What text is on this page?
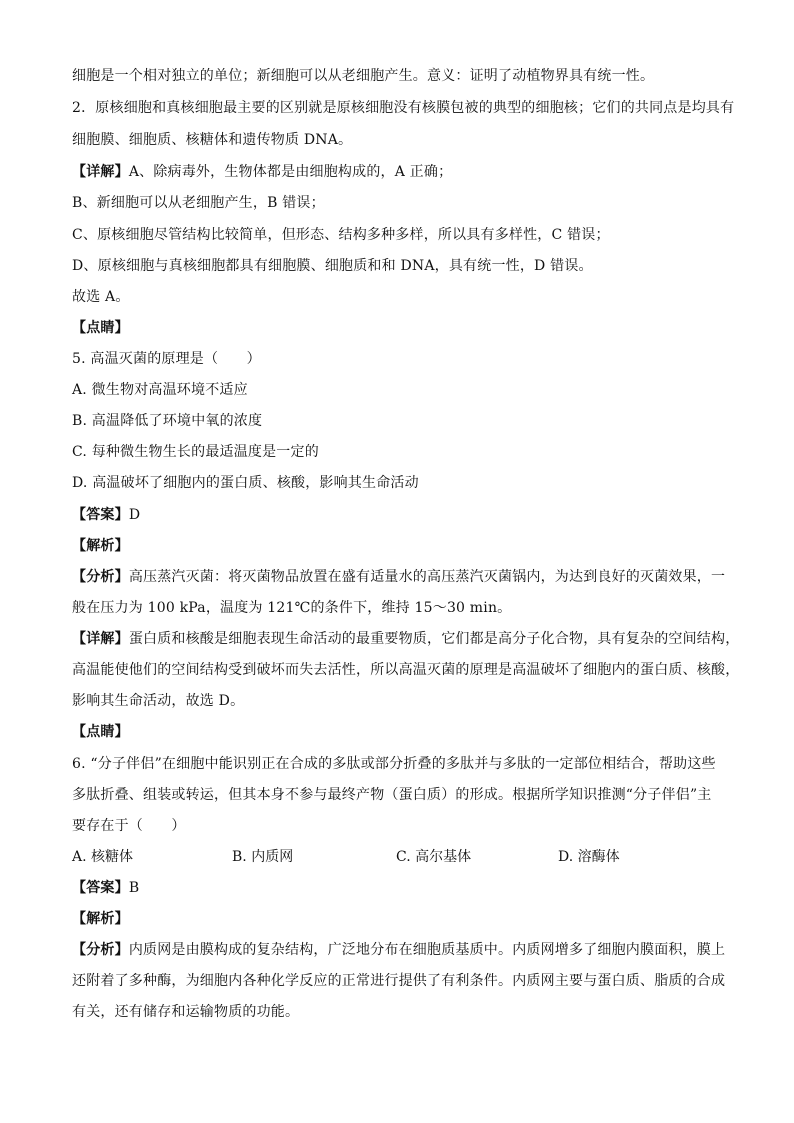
细胞是一个相对独立的单位；新细胞可以从老细胞产生。意义：证明了动植物界具有统一性。
2．原核细胞和真核细胞最主要的区别就是原核细胞没有核膜包被的典型的细胞核；它们的共同点是均具有
细胞膜、细胞质、核糖体和遗传物质 DNA。
【详解】A、除病毒外，生物体都是由细胞构成的，A 正确；
B、新细胞可以从老细胞产生，B 错误；
C、原核细胞尽管结构比较简单，但形态、结构多种多样，所以具有多样性，C 错误；
D、原核细胞与真核细胞都具有细胞膜、细胞质和和 DNA，具有统一性，D 错误。
故选 A。
【点睛】
5. 高温灭菌的原理是（　　）
A. 微生物对高温环境不适应
B. 高温降低了环境中氧的浓度
C. 每种微生物生长的最适温度是一定的
D. 高温破坏了细胞内的蛋白质、核酸，影响其生命活动
【答案】D
【解析】
【分析】高压蒸汽灭菌：将灭菌物品放置在盛有适量水的高压蒸汽灭菌锅内，为达到良好的灭菌效果，一
般在压力为 100 kPa，温度为 121℃的条件下，维持 15～30 min。
【详解】蛋白质和核酸是细胞表现生命活动的最重要物质，它们都是高分子化合物，具有复杂的空间结构，
高温能使他们的空间结构受到破坏而失去活性，所以高温灭菌的原理是高温破坏了细胞内的蛋白质、核酸，
影响其生命活动，故选 D。
【点睛】
6. “分子伴侣”在细胞中能识别正在合成的多肽或部分折叠的多肽并与多肽的一定部位相结合，帮助这些
多肽折叠、组装或转运，但其本身不参与最终产物（蛋白质）的形成。根据所学知识推测“分子伴侣”主
要存在于（　　）
A. 核糖体	B. 内质网	C. 高尔基体	D. 溶酶体
【答案】B
【解析】
【分析】内质网是由膜构成的复杂结构，广泛地分布在细胞质基质中。内质网增多了细胞内膜面积，膜上
还附着了多种酶，为细胞内各种化学反应的正常进行提供了有利条件。内质网主要与蛋白质、脂质的合成
有关，还有储存和运输物质的功能。
